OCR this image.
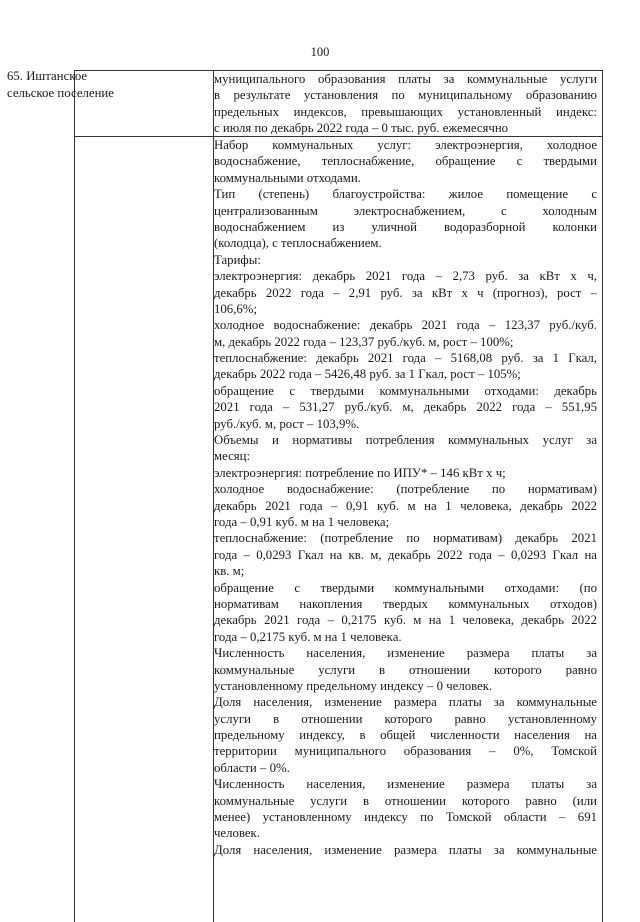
100
муниципального образования платы за коммунальные услуги
в результате установления по муниципальному образованию
предельных индексов, превышающих установленный индекс:
с июля по декабрь 2022 года – 0 тыс. руб. ежемесячно
65. Иштанское
сельское поселение
Набор коммунальных услуг: электроэнергия, холодное
водоснабжение, теплоснабжение, обращение с твердыми
коммунальными отходами.
Тип (степень) благоустройства: жилое помещение с
централизованным электроснабжением, с холодным
водоснабжением из уличной водоразборной колонки
(колодца), с теплоснабжением.
Тарифы:
электроэнергия: декабрь 2021 года – 2,73 руб. за кВт х ч,
декабрь 2022 года – 2,91 руб. за кВт х ч (прогноз), рост –
106,6%;
холодное водоснабжение: декабрь 2021 года – 123,37 руб./куб.
м, декабрь 2022 года – 123,37 руб./куб. м, рост – 100%;
теплоснабжение: декабрь 2021 года – 5168,08 руб. за 1 Гкал,
декабрь 2022 года – 5426,48 руб. за 1 Гкал, рост – 105%;
обращение с твердыми коммунальными отходами: декабрь
2021 года – 531,27 руб./куб. м, декабрь 2022 года – 551,95
руб./куб. м, рост – 103,9%.
Объемы и нормативы потребления коммунальных услуг за
месяц:
электроэнергия: потребление по ИПУ* – 146 кВт х ч;
холодное водоснабжение: (потребление по нормативам)
декабрь 2021 года – 0,91 куб. м на 1 человека, декабрь 2022
года – 0,91 куб. м на 1 человека;
теплоснабжение: (потребление по нормативам) декабрь 2021
года – 0,0293 Гкал на кв. м, декабрь 2022 года – 0,0293 Гкал на
кв. м;
обращение с твердыми коммунальными отходами: (по
нормативам накопления твердых коммунальных отходов)
декабрь 2021 года – 0,2175 куб. м на 1 человека, декабрь 2022
года – 0,2175 куб. м на 1 человека.
Численность населения, изменение размера платы за
коммунальные услуги в отношении которого равно
установленному предельному индексу – 0 человек.
Доля населения, изменение размера платы за коммунальные
услуги в отношении которого равно установленному
предельному индексу, в общей численности населения на
территории муниципального образования – 0%, Томской
области – 0%.
Численность населения, изменение размера платы за
коммунальные услуги в отношении которого равно (или
менее) установленному индексу по Томской области – 691
человек.
Доля населения, изменение размера платы за коммунальные
